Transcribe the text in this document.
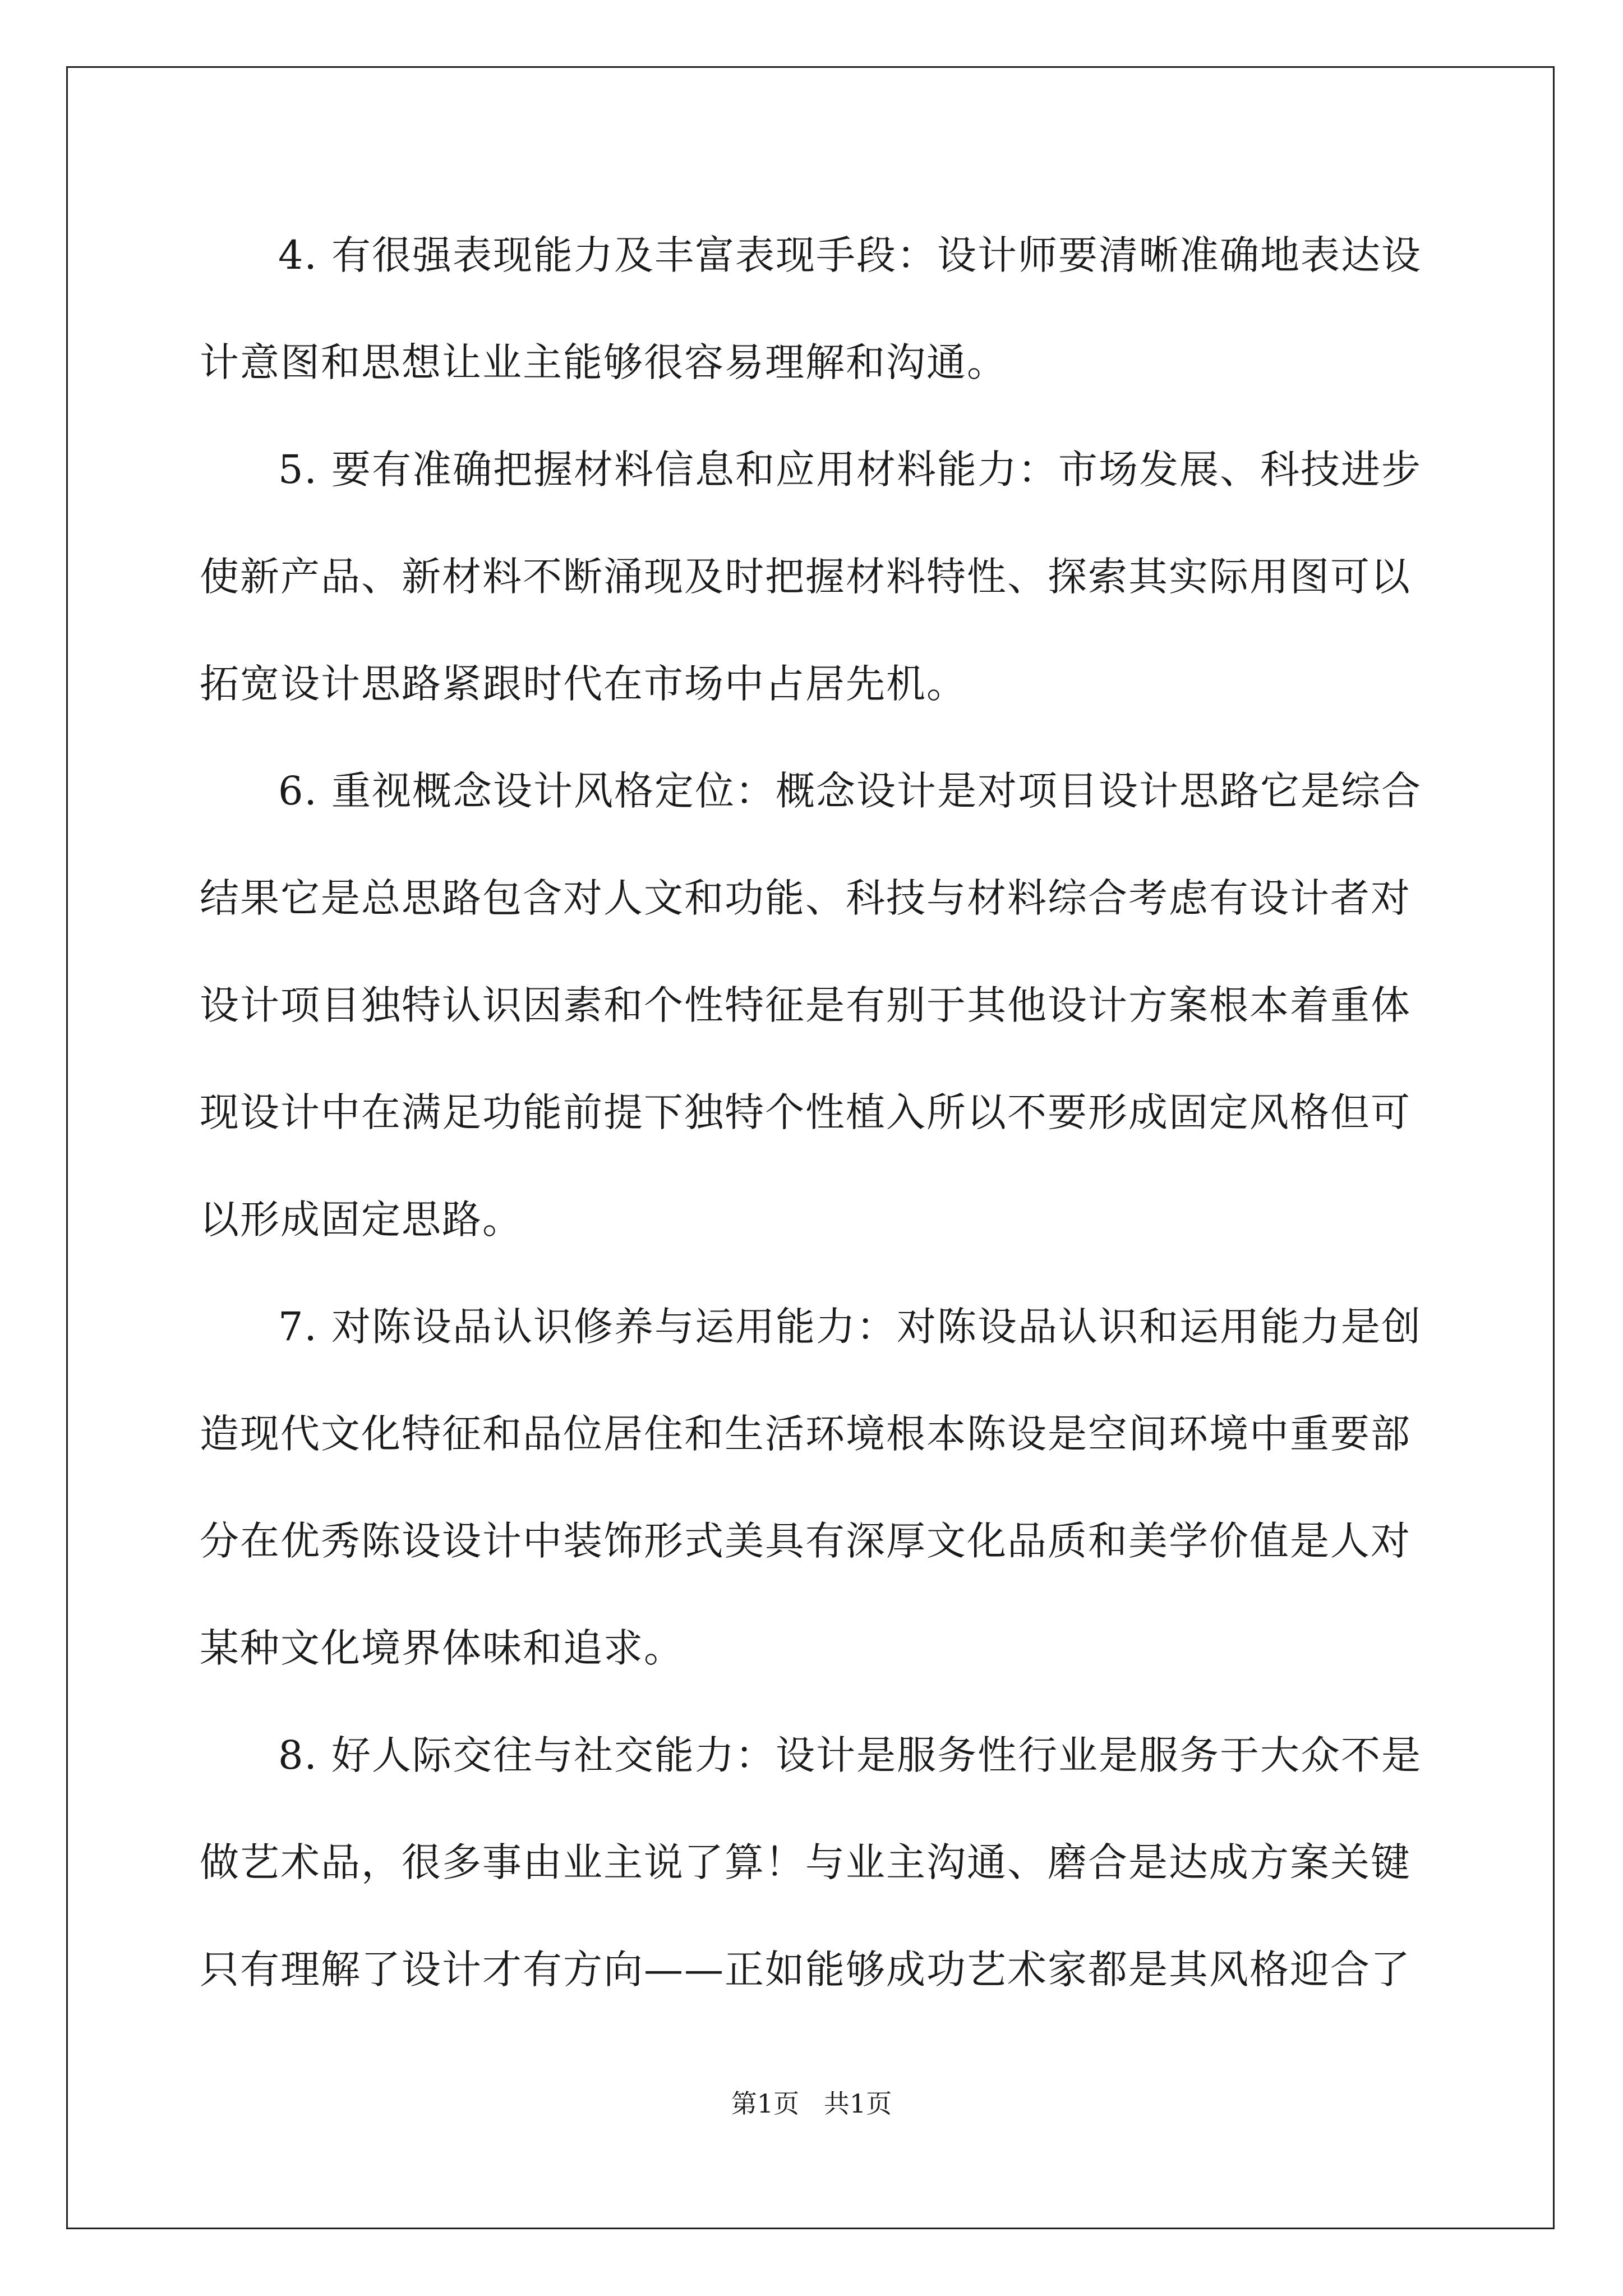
4. 有很强表现能力及丰富表现手段：设计师要清晰准确地表达设
计意图和思想让业主能够很容易理解和沟通。
5. 要有准确把握材料信息和应用材料能力：市场发展、科技进步
使新产品、新材料不断涌现及时把握材料特性、探索其实际用图可以
拓宽设计思路紧跟时代在市场中占居先机。
6. 重视概念设计风格定位：概念设计是对项目设计思路它是综合
结果它是总思路包含对人文和功能、科技与材料综合考虑有设计者对
设计项目独特认识因素和个性特征是有别于其他设计方案根本着重体
现设计中在满足功能前提下独特个性植入所以不要形成固定风格但可
以形成固定思路。
7. 对陈设品认识修养与运用能力：对陈设品认识和运用能力是创
造现代文化特征和品位居住和生活环境根本陈设是空间环境中重要部
分在优秀陈设设计中装饰形式美具有深厚文化品质和美学价值是人对
某种文化境界体味和追求。
8. 好人际交往与社交能力：设计是服务性行业是服务于大众不是
做艺术品，很多事由业主说了算！与业主沟通、磨合是达成方案关键
只有理解了设计才有方向——正如能够成功艺术家都是其风格迎合了
第1页   共1页
